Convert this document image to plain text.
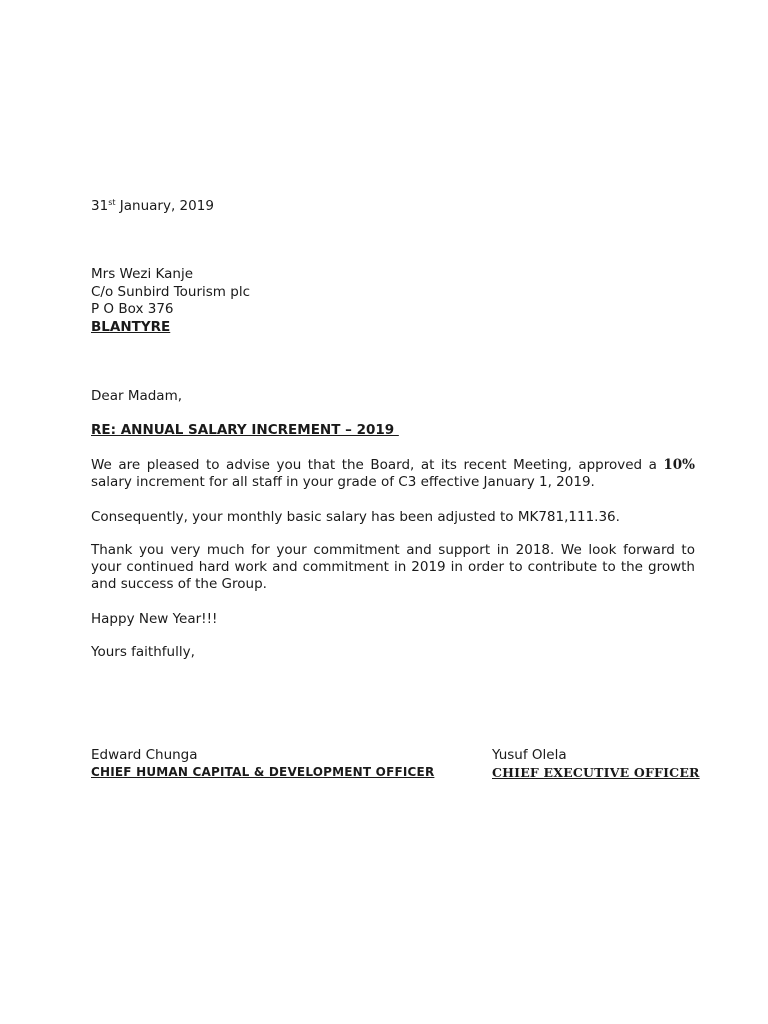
31st January, 2019
Mrs Wezi Kanje
C/o Sunbird Tourism plc
P O Box 376
BLANTYRE
Dear Madam,
RE: ANNUAL SALARY INCREMENT – 2019
We are pleased to advise you that the Board, at its recent Meeting, approved a 10% salary increment for all staff in your grade of C3 effective January 1, 2019.
Consequently, your monthly basic salary has been adjusted to MK781,111.36.
Thank you very much for your commitment and support in 2018. We look forward to your continued hard work and commitment in 2019 in order to contribute to the growth and success of the Group.
Happy New Year!!!
Yours faithfully,
Edward Chunga
CHIEF HUMAN CAPITAL & DEVELOPMENT OFFICER
Yusuf Olela
CHIEF EXECUTIVE OFFICER
